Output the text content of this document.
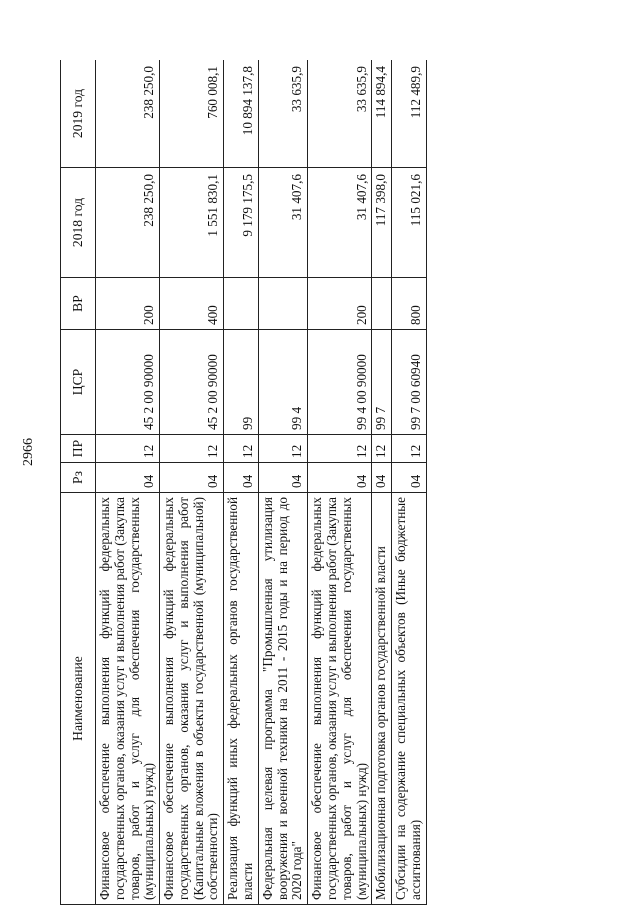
2966
Наименование	Рз	ПР	ЦСР	ВР	2018 год	2019 год
Финансовое обеспечение выполнения функций федеральных государственных органов, оказания услуг и выполнения работ (Закупка товаров, работ и услуг для обеспечения государственных (муниципальных) нужд)	04	12	45 2 00 90000	200	238 250,0	238 250,0
Финансовое обеспечение выполнения функций федеральных государственных органов, оказания услуг и выполнения работ (Капитальные вложения в объекты государственной (муниципальной) собственности)	04	12	45 2 00 90000	400	1 551 830,1	760 008,1
Реализация функций иных федеральных органов государственной власти	04	12	99		9 179 175,5	10 894 137,8
Федеральная целевая программа "Промышленная утилизация вооружения и военной техники на 2011 - 2015 годы и на период до 2020 года"	04	12	99 4		31 407,6	33 635,9
Финансовое обеспечение выполнения функций федеральных государственных органов, оказания услуг и выполнения работ (Закупка товаров, работ и услуг для обеспечения государственных (муниципальных) нужд)	04	12	99 4 00 90000	200	31 407,6	33 635,9
Мобилизационная подготовка органов государственной власти	04	12	99 7		117 398,0	114 894,4
Субсидии на содержание специальных объектов (Иные бюджетные ассигнования)	04	12	99 7 00 60940	800	115 021,6	112 489,9
